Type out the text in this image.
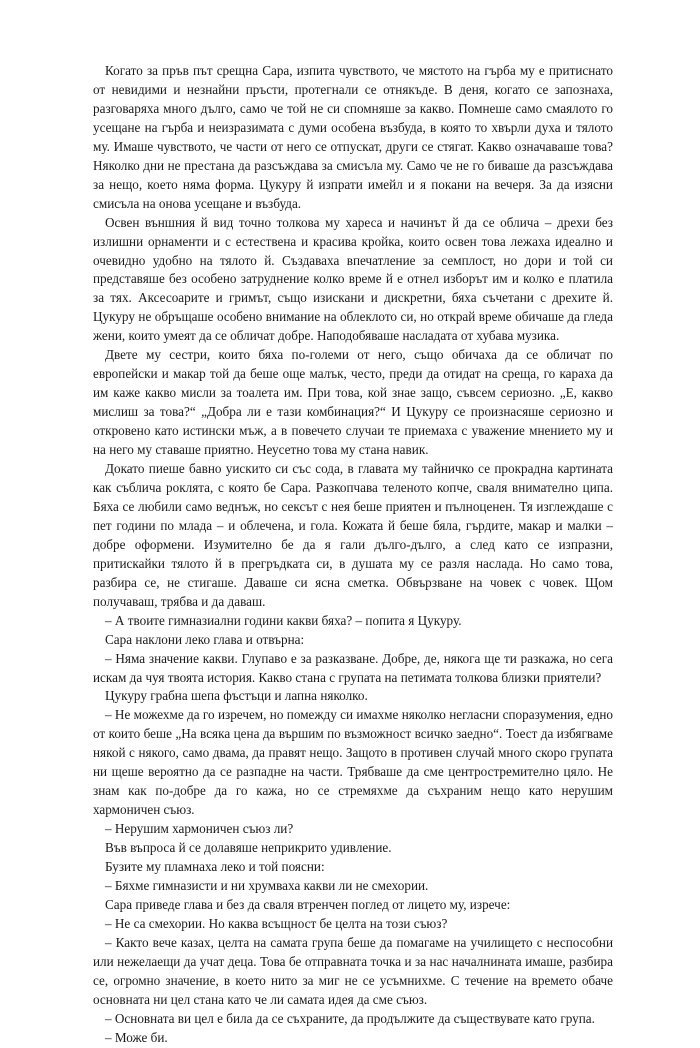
Когато за пръв път срещна Сара, изпита чувството, че мястото на гърба му е притиснато от невидими и незнайни пръсти, протегнали се отнякъде. В деня, когато се запознаха, разговаряха много дълго, само че той не си спомняше за какво. Помнеше само смаялото го усещане на гърба и неизразимата с думи особена възбуда, в която то хвърли духа и тялото му. Имаше чувството, че части от него се отпускат, други се стягат. Какво означаваше това? Няколко дни не престана да разсъждава за смисъла му. Само че не го биваше да разсъждава за нещо, което няма форма. Цукуру й изпрати имейл и я покани на вечеря. За да изясни смисъла на онова усещане и възбуда.

Освен външния й вид точно толкова му хареса и начинът й да се облича – дрехи без излишни орнаменти и с естествена и красива кройка, които освен това лежаха идеално и очевидно удобно на тялото й. Създаваха впечатление за семплост, но дори и той си представяше без особено затруднение колко време й е отнел изборът им и колко е платила за тях. Аксесоарите и гримът, също изискани и дискретни, бяха съчетани с дрехите й. Цукуру не обръщаше особено внимание на облеклото си, но открай време обичаше да гледа жени, които умеят да се обличат добре. Наподобяваше насладата от хубава музика.

Двете му сестри, които бяха по-големи от него, също обичаха да се обличат по европейски и макар той да беше още малък, често, преди да отидат на среща, го караха да им каже какво мисли за тоалета им. При това, кой знае защо, съвсем сериозно. „Е, какво мислиш за това?“ „Добра ли е тази комбинация?“ И Цукуру се произнасяше сериозно и откровено като истински мъж, а в повечето случаи те приемаха с уважение мнението му и на него му ставаше приятно. Неусетно това му стана навик.

Докато пиеше бавно уискито си със сода, в главата му тайничко се прокрадна картината как съблича роклята, с която бе Сара. Разкопчава теленото копче, сваля внимателно ципа. Бяха се любили само веднъж, но сексът с нея беше приятен и пълноценен. Тя изглеждаше с пет години по млада – и облечена, и гола. Кожата й беше бяла, гърдите, макар и малки – добре оформени. Изумително бе да я гали дълго-дълго, а след като се изпразни, притискайки тялото й в прегръдката си, в душата му се разля наслада. Но само това, разбира се, не стигаше. Даваше си ясна сметка. Обвързване на човек с човек. Щом получаваш, трябва и да даваш.

– А твоите гимназиални години какви бяха? – попита я Цукуру.

Сара наклони леко глава и отвърна:

– Няма значение какви. Глупаво е за разказване. Добре, де, някога ще ти разкажа, но сега искам да чуя твоята история. Какво стана с групата на петимата толкова близки приятели?

Цукуру грабна шепа фъстъци и лапна няколко.

– Не можехме да го изречем, но помежду си имахме няколко негласни споразумения, едно от които беше „На всяка цена да вършим по възможност всичко заедно“. Тоест да избягваме някой с някого, само двама, да правят нещо. Защото в противен случай много скоро групата ни щеше вероятно да се разпадне на части. Трябваше да сме центростремително цяло. Не знам как по-добре да го кажа, но се стремяхме да съхраним нещо като нерушим хармоничен съюз.

– Нерушим хармоничен съюз ли?

Във въпроса й се долавяше неприкрито удивление.

Бузите му пламнаха леко и той поясни:

– Бяхме гимназисти и ни хрумваха какви ли не смехории.

Сара приведе глава и без да сваля втренчен поглед от лицето му, изрече:

– Не са смехории. Но каква всъщност бе целта на този съюз?

– Както вече казах, целта на самата група беше да помагаме на училището с неспособни или нежелаещи да учат деца. Това бе отправната точка и за нас началнината имаше, разбира се, огромно значение, в което нито за миг не се усъмнихме. С течение на времето обаче основната ни цел стана като че ли самата идея да сме съюз.

– Основната ви цел е била да се съхраните, да продължите да съществувате като група.

– Може би.
